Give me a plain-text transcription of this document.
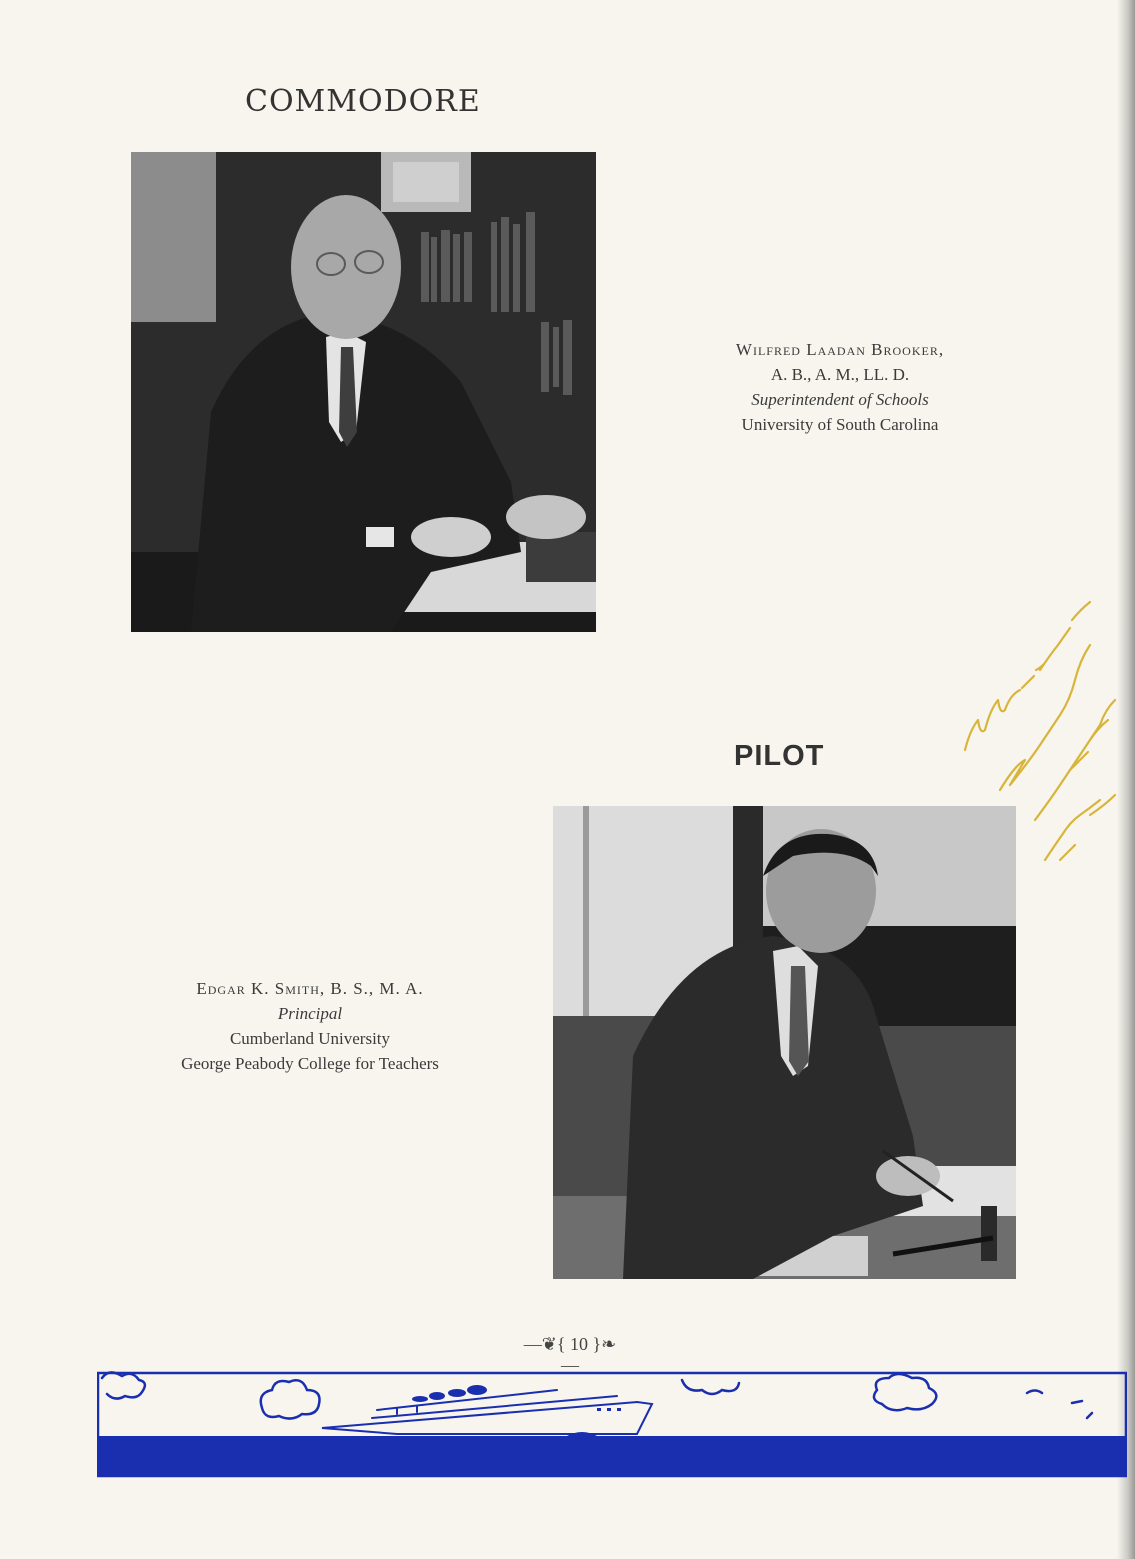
COMMODORE
Wilfred Laadan Brooker,
A. B., A. M., LL. D.
Superintendent of Schools
University of South Carolina
PILOT
Edgar K. Smith, B. S., M. A.
Principal
Cumberland University
George Peabody College for Teachers
—❦{ 10 }❧—
